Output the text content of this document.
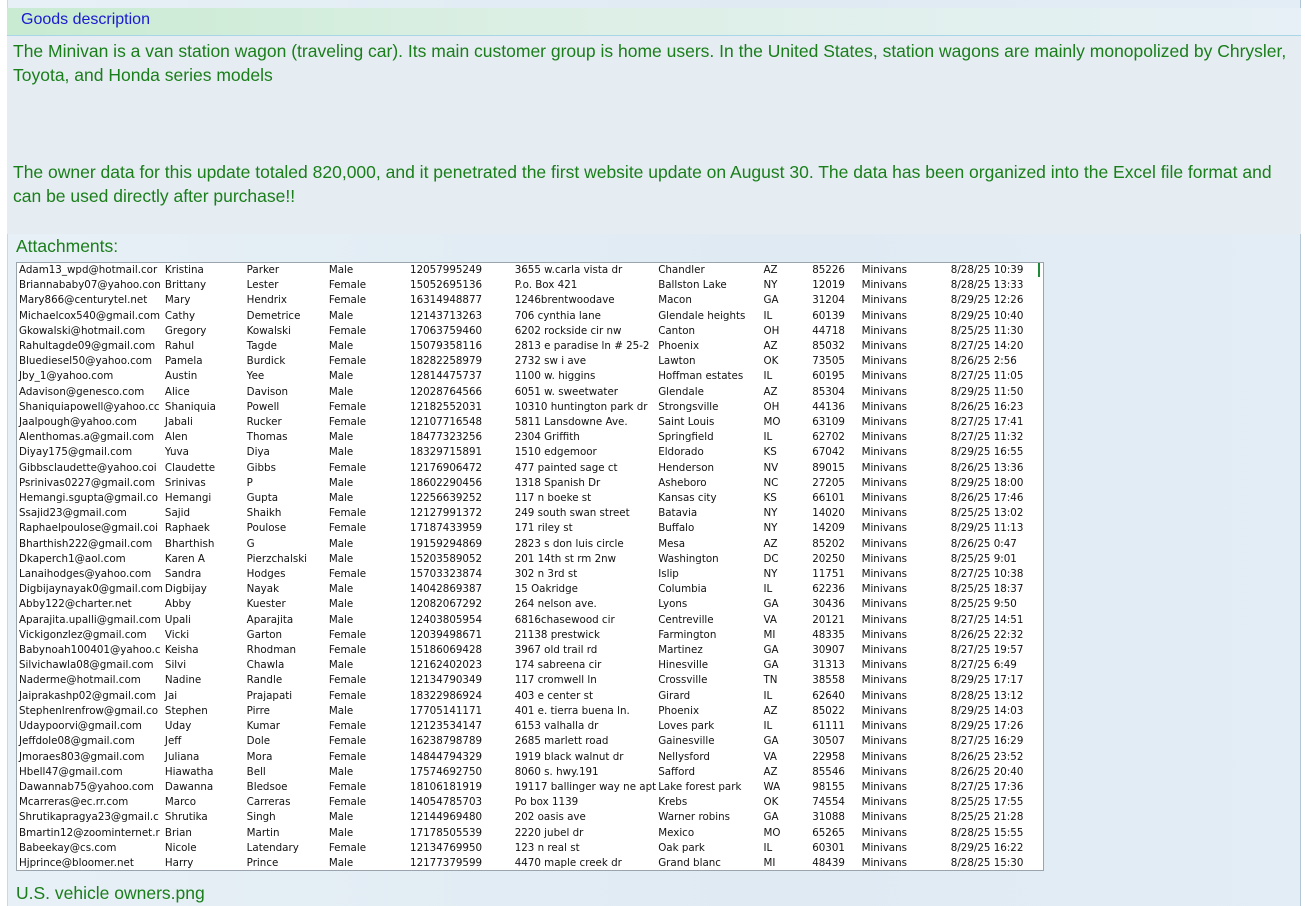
Goods description
The Minivan is a van station wagon (traveling car). Its main customer group is home users. In the United States, station wagons are mainly monopolized by Chrysler, Toyota, and Honda series models
The owner data for this update totaled 820,000, and it penetrated the first website update on August 30. The data has been organized into the Excel file format and can be used directly after purchase!!
Attachments:
Adam13_wpd@hotmail.cor	Kristina	Parker	Male	12057995249	3655 w.carla vista dr	Chandler	AZ	85226	Minivans	8/28/25 10:39
Briannababy07@yahoo.con	Brittany	Lester	Female	15052695136	P.o. Box 421	Ballston Lake	NY	12019	Minivans	8/28/25 13:33
Mary866@centurytel.net	Mary	Hendrix	Female	16314948877	1246brentwoodave	Macon	GA	31204	Minivans	8/29/25 12:26
Michaelcox540@gmail.com	Cathy	Demetrice	Male	12143713263	706 cynthia lane	Glendale heights	IL	60139	Minivans	8/29/25 10:40
Gkowalski@hotmail.com	Gregory	Kowalski	Female	17063759460	6202 rockside cir nw	Canton	OH	44718	Minivans	8/25/25 11:30
Rahultagde09@gmail.com	Rahul	Tagde	Male	15079358116	2813 e paradise ln # 25-2	Phoenix	AZ	85032	Minivans	8/27/25 14:20
Bluediesel50@yahoo.com	Pamela	Burdick	Female	18282258979	2732 sw i ave	Lawton	OK	73505	Minivans	8/26/25 2:56
Jby_1@yahoo.com	Austin	Yee	Male	12814475737	1100 w. higgins	Hoffman estates	IL	60195	Minivans	8/27/25 11:05
Adavison@genesco.com	Alice	Davison	Male	12028764566	6051 w. sweetwater	Glendale	AZ	85304	Minivans	8/29/25 11:50
Shaniquiapowell@yahoo.cc	Shaniquia	Powell	Female	12182552031	10310 huntington park dr	Strongsville	OH	44136	Minivans	8/26/25 16:23
Jaalpough@yahoo.com	Jabali	Rucker	Female	12107716548	5811 Lansdowne Ave.	Saint Louis	MO	63109	Minivans	8/27/25 17:41
Alenthomas.a@gmail.com	Alen	Thomas	Male	18477323256	2304 Griffith	Springfield	IL	62702	Minivans	8/27/25 11:32
Diyay175@gmail.com	Yuva	Diya	Male	18329715891	1510 edgemoor	Eldorado	KS	67042	Minivans	8/29/25 16:55
Gibbsclaudette@yahoo.coi	Claudette	Gibbs	Female	12176906472	477 painted sage ct	Henderson	NV	89015	Minivans	8/26/25 13:36
Psrinivas0227@gmail.com	Srinivas	P	Male	18602290456	1318 Spanish Dr	Asheboro	NC	27205	Minivans	8/29/25 18:00
Hemangi.sgupta@gmail.co	Hemangi	Gupta	Male	12256639252	117 n boeke st	Kansas city	KS	66101	Minivans	8/26/25 17:46
Ssajid23@gmail.com	Sajid	Shaikh	Female	12127991372	249 south swan street	Batavia	NY	14020	Minivans	8/25/25 13:02
Raphaelpoulose@gmail.coi	Raphaek	Poulose	Female	17187433959	171 riley st	Buffalo	NY	14209	Minivans	8/29/25 11:13
Bharthish222@gmail.com	Bharthish	G	Male	19159294869	2823 s don luis circle	Mesa	AZ	85202	Minivans	8/26/25 0:47
Dkaperch1@aol.com	Karen A	Pierzchalski	Male	15203589052	201 14th st rm 2nw	Washington	DC	20250	Minivans	8/25/25 9:01
Lanaihodges@yahoo.com	Sandra	Hodges	Female	15703323874	302 n 3rd st	Islip	NY	11751	Minivans	8/27/25 10:38
Digbijaynayak0@gmail.com	Digbijay	Nayak	Male	14042869387	15 Oakridge	Columbia	IL	62236	Minivans	8/25/25 18:37
Abby122@charter.net	Abby	Kuester	Male	12082067292	264 nelson ave.	Lyons	GA	30436	Minivans	8/25/25 9:50
Aparajita.upalli@gmail.com	Upali	Aparajita	Male	12403805954	6816chasewood cir	Centreville	VA	20121	Minivans	8/27/25 14:51
Vickigonzlez@gmail.com	Vicki	Garton	Female	12039498671	21138 prestwick	Farmington	MI	48335	Minivans	8/26/25 22:32
Babynoah100401@yahoo.c	Keisha	Rhodman	Female	15186069428	3967 old trail rd	Martinez	GA	30907	Minivans	8/27/25 19:57
Silvichawla08@gmail.com	Silvi	Chawla	Male	12162402023	174 sabreena cir	Hinesville	GA	31313	Minivans	8/27/25 6:49
Naderme@hotmail.com	Nadine	Randle	Female	12134790349	117 cromwell ln	Crossville	TN	38558	Minivans	8/29/25 17:17
Jaiprakashp02@gmail.com	Jai	Prajapati	Female	18322986924	403 e center st	Girard	IL	62640	Minivans	8/28/25 13:12
Stephenlrenfrow@gmail.co	Stephen	Pirre	Male	17705141171	401 e. tierra buena ln.	Phoenix	AZ	85022	Minivans	8/29/25 14:03
Udaypoorvi@gmail.com	Uday	Kumar	Female	12123534147	6153 valhalla dr	Loves park	IL	61111	Minivans	8/29/25 17:26
Jeffdole08@gmail.com	Jeff	Dole	Female	16238798789	2685 marlett road	Gainesville	GA	30507	Minivans	8/27/25 16:29
Jmoraes803@gmail.com	Juliana	Mora	Female	14844794329	1919 black walnut dr	Nellysford	VA	22958	Minivans	8/26/25 23:52
Hbell47@gmail.com	Hiawatha	Bell	Male	17574692750	8060 s. hwy.191	Safford	AZ	85546	Minivans	8/26/25 20:40
Dawannab75@yahoo.com	Dawanna	Bledsoe	Female	18106181919	19117 ballinger way ne apt	Lake forest park	WA	98155	Minivans	8/27/25 17:36
Mcarreras@ec.rr.com	Marco	Carreras	Female	14054785703	Po box 1139	Krebs	OK	74554	Minivans	8/25/25 17:55
Shrutikapragya23@gmail.c	Shrutika	Singh	Male	12144969480	202 oasis ave	Warner robins	GA	31088	Minivans	8/25/25 21:28
Bmartin12@zoominternet.r	Brian	Martin	Male	17178505539	2220 jubel dr	Mexico	MO	65265	Minivans	8/28/25 15:55
Babeekay@cs.com	Nicole	Latendary	Female	12134769950	123 n real st	Oak park	IL	60301	Minivans	8/29/25 16:22
Hjprince@bloomer.net	Harry	Prince	Male	12177379599	4470 maple creek dr	Grand blanc	MI	48439	Minivans	8/28/25 15:30
U.S. vehicle owners.png
